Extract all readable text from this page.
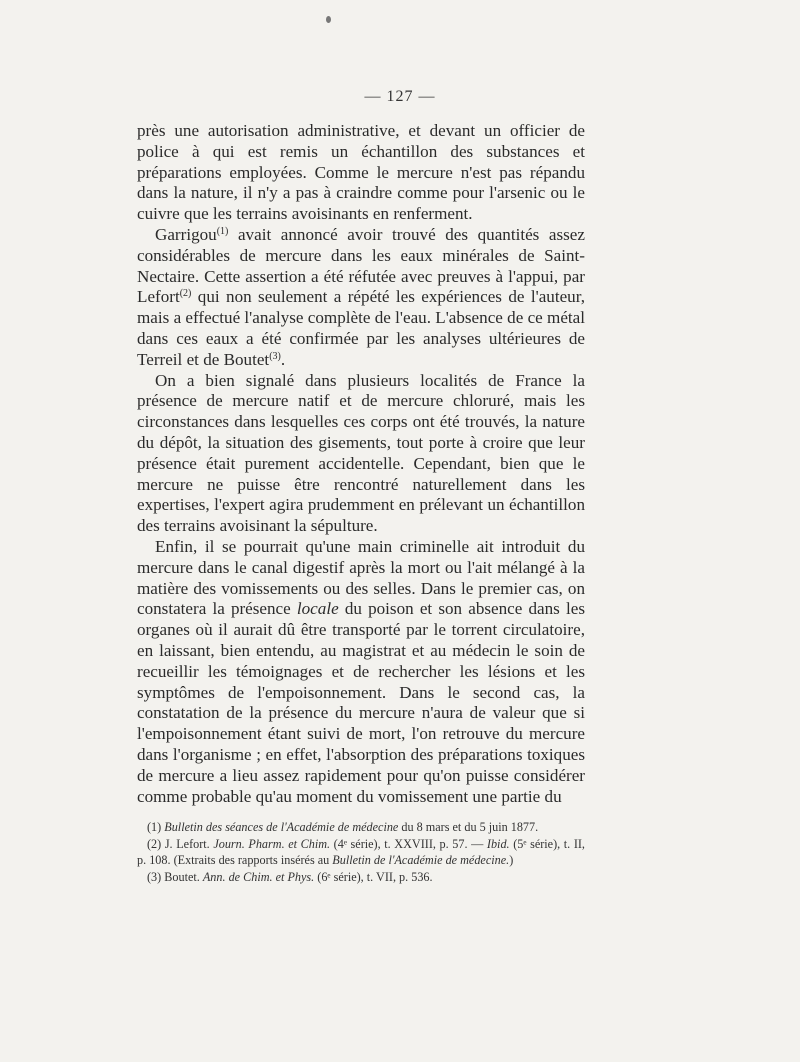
— 127 —

près une autorisation administrative, et devant un officier de police à qui est remis un échantillon des substances et préparations employées. Comme le mercure n'est pas répandu dans la nature, il n'y a pas à craindre comme pour l'arsenic ou le cuivre que les terrains avoisinants en renferment.

Garrigou$^{(1)}$ avait annoncé avoir trouvé des quantités assez considérables de mercure dans les eaux minérales de Saint-Nectaire. Cette assertion a été réfutée avec preuves à l'appui, par Lefort$^{(2)}$ qui non seulement a répété les expériences de l'auteur, mais a effectué l'analyse complète de l'eau. L'absence de ce métal dans ces eaux a été confirmée par les analyses ultérieures de Terreil et de Boutet$^{(3)}$.

On a bien signalé dans plusieurs localités de France la présence de mercure natif et de mercure chloruré, mais les circonstances dans lesquelles ces corps ont été trouvés, la nature du dépôt, la situation des gisements, tout porte à croire que leur présence était purement accidentelle. Cependant, bien que le mercure ne puisse être rencontré naturellement dans les expertises, l'expert agira prudemment en prélevant un échantillon des terrains avoisinant la sépulture.

Enfin, il se pourrait qu'une main criminelle ait introduit du mercure dans le canal digestif après la mort ou l'ait mélangé à la matière des vomissements ou des selles. Dans le premier cas, on constatera la présence locale du poison et son absence dans les organes où il aurait dû être transporté par le torrent circulatoire, en laissant, bien entendu, au magistrat et au médecin le soin de recueillir les témoignages et de rechercher les lésions et les symptômes de l'empoisonnement. Dans le second cas, la constatation de la présence du mercure n'aura de valeur que si l'empoisonnement étant suivi de mort, l'on retrouve du mercure dans l'organisme ; en effet, l'absorption des préparations toxiques de mercure a lieu assez rapidement pour qu'on puisse considérer comme probable qu'au moment du vomissement une partie du

(1) Bulletin des séances de l'Académie de médecine du 8 mars et du 5 juin 1877.

(2) J. Lefort. Journ. Pharm. et Chim. (4ᵉ série), t. XXVIII, p. 57. — Ibid. (5ᵉ série), t. II, p. 108. (Extraits des rapports insérés au Bulletin de l'Académie de médecine.)

(3) Boutet. Ann. de Chim. et Phys. (6ᵉ série), t. VII, p. 536.
